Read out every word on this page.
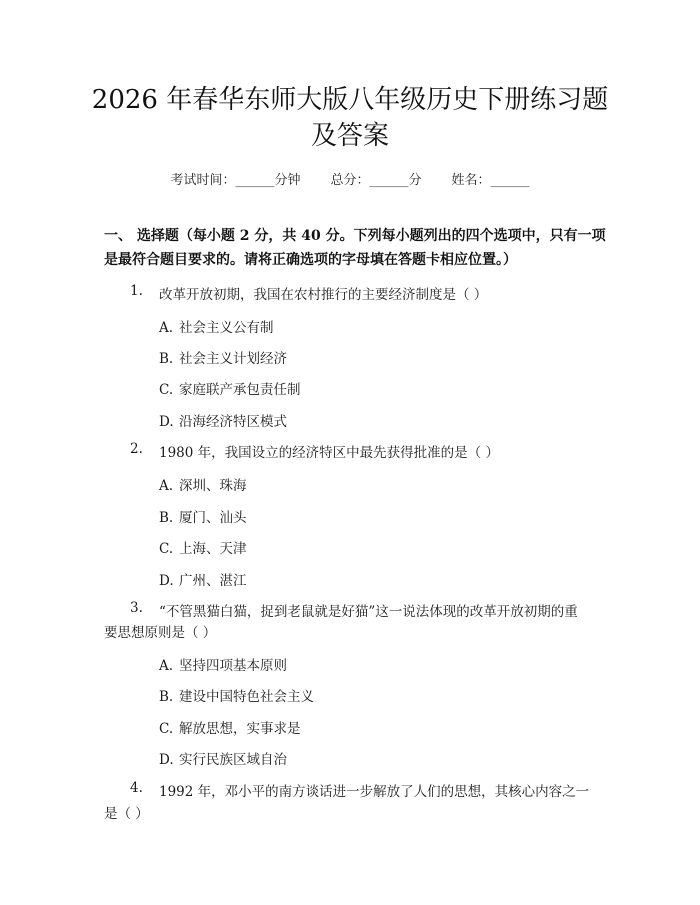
2026 年春华东师大版八年级历史下册练习题
及答案
考试时间：______分钟 总分：______分 姓名：______
一、 选择题（每小题 2 分，共 40 分。下列每小题列出的四个选项中，只有一项
是最符合题目要求的。请将正确选项的字母填在答题卡相应位置。）
1. 改革开放初期，我国在农村推行的主要经济制度是（ ）
A. 社会主义公有制
B. 社会主义计划经济
C. 家庭联产承包责任制
D. 沿海经济特区模式
2. 1980 年，我国设立的经济特区中最先获得批准的是（ ）
A. 深圳、珠海
B. 厦门、汕头
C. 上海、天津
D. 广州、湛江
3. “不管黑猫白猫，捉到老鼠就是好猫”这一说法体现的改革开放初期的重
要思想原则是（ ）
A. 坚持四项基本原则
B. 建设中国特色社会主义
C. 解放思想，实事求是
D. 实行民族区域自治
4. 1992 年，邓小平的南方谈话进一步解放了人们的思想，其核心内容之一
是（ ）
